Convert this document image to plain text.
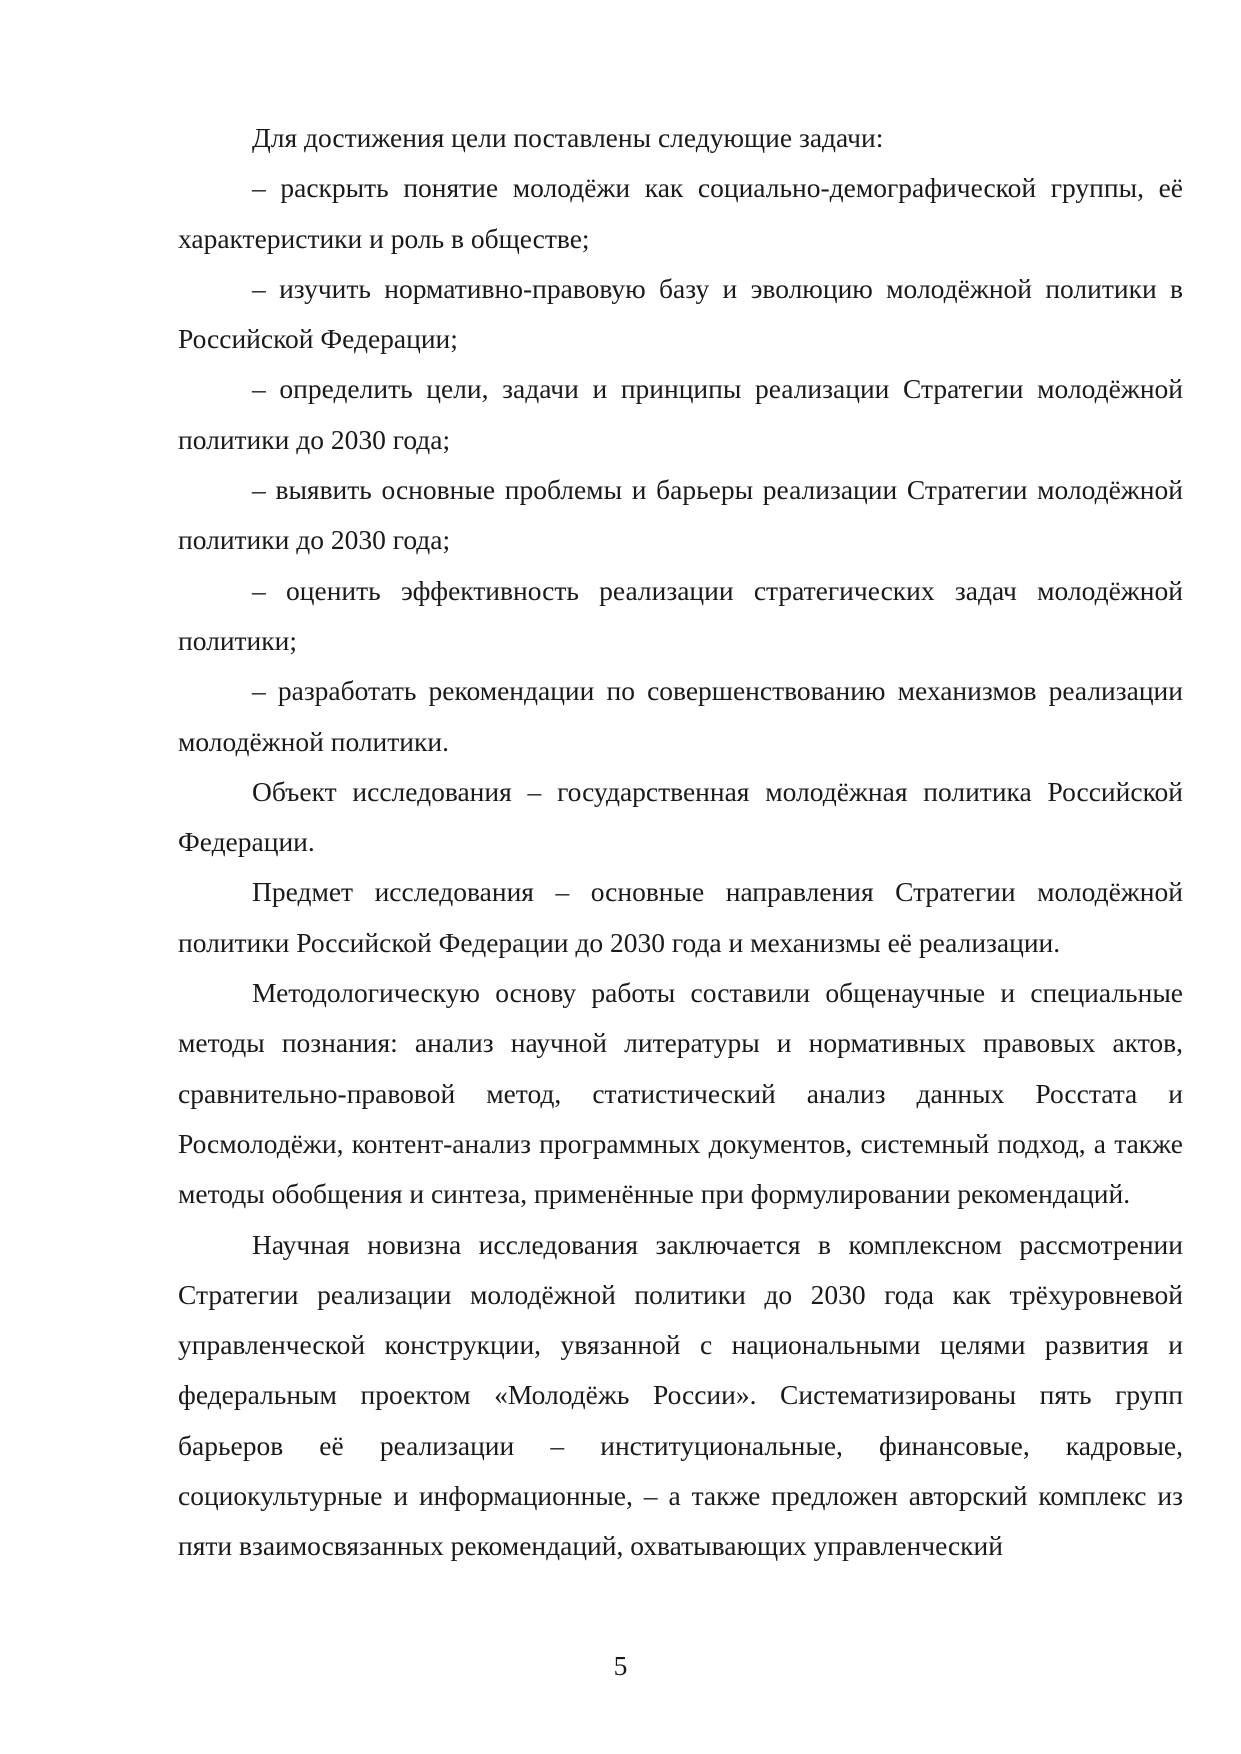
Для достижения цели поставлены следующие задачи:

– раскрыть понятие молодёжи как социально-демографической группы, её характеристики и роль в обществе;

– изучить нормативно-правовую базу и эволюцию молодёжной политики в Российской Федерации;

– определить цели, задачи и принципы реализации Стратегии молодёжной политики до 2030 года;

– выявить основные проблемы и барьеры реализации Стратегии молодёжной политики до 2030 года;

– оценить эффективность реализации стратегических задач молодёжной политики;

– разработать рекомендации по совершенствованию механизмов реализации молодёжной политики.

Объект исследования – государственная молодёжная политика Российской Федерации.

Предмет исследования – основные направления Стратегии молодёжной политики Российской Федерации до 2030 года и механизмы её реализации.

Методологическую основу работы составили общенаучные и специальные методы познания: анализ научной литературы и нормативных правовых актов, сравнительно-правовой метод, статистический анализ данных Росстата и Росмолодёжи, контент-анализ программных документов, системный подход, а также методы обобщения и синтеза, применённые при формулировании рекомендаций.

Научная новизна исследования заключается в комплексном рассмотрении Стратегии реализации молодёжной политики до 2030 года как трёхуровневой управленческой конструкции, увязанной с национальными целями развития и федеральным проектом «Молодёжь России». Систематизированы пять групп барьеров её реализации – институциональные, финансовые, кадровые, социокультурные и информационные, – а также предложен авторский комплекс из пяти взаимосвязанных рекомендаций, охватывающих управленческий

5
